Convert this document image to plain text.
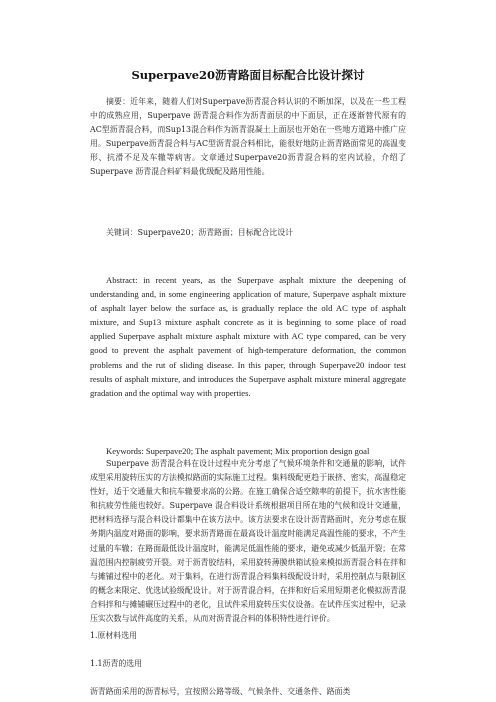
Superpave20沥青路面目标配合比设计探讨

摘要：近年来，随着人们对Superpave沥青混合料认识的不断加深，以及在一些工程中的成熟应用，Superpave 沥青混合料作为沥青面层的中下面层，正在逐渐替代原有的AC型沥青混合料，而Sup13混合料作为沥青混凝土上面层也开始在一些地方道路中推广应用。Superpave沥青混合料与AC型沥青混合料相比，能很好地防止沥青路面常见的高温变形、抗滑不足及车辙等病害。文章通过Superpave20沥青混合料的室内试验，介绍了 Superpave 沥青混合料矿料最优级配及路用性能。

关键词：Superpave20；沥青路面；目标配合比设计

Abstract: in recent years, as the Superpave asphalt mixture the deepening of understanding and, in some engineering application of mature, Superpave asphalt mixture of asphalt layer below the surface as, is gradually replace the old AC type of asphalt mixture, and Sup13 mixture asphalt concrete as it is beginning to some place of road applied Superpave asphalt mixture asphalt mixture with AC type compared, can be very good to prevent the asphalt pavement of high-temperature deformation, the common problems and the rut of sliding disease. In this paper, through Superpave20 indoor test results of asphalt mixture, and introduces the Superpave asphalt mixture mineral aggregate gradation and the optimal way with properties.

Keywords: Superpave20; The asphalt pavement; Mix proportion design goal

Superpave 沥青混合料在设计过程中充分考虑了气候环境条件和交通量的影响，试件成型采用旋转压实的方法模拟路面的实际施工过程。集料级配更趋于嵌挤、密实，高温稳定性好，适于交通量大和抗车辙要求高的公路。在施工确保合适空隙率的前提下，抗水害性能和抗疲劳性能也较好。Superpave 混合料设计系统根据项目所在地的气候和设计交通量，把材料选择与混合料设计都集中在该方法中。该方法要求在设计沥青路面时，充分考虑在服务期内温度对路面的影响，要求沥青路面在最高设计温度时能满足高温性能的要求，不产生过量的车辙；在路面最低设计温度时，能满足低温性能的要求，避免或减少低温开裂；在常温范围内控制疲劳开裂。对于沥青胶结料，采用旋转薄膜烘箱试验来模拟沥青混合料在拌和与摊铺过程中的老化。对于集料，在进行沥青混合料集料级配设计时，采用控制点与限制区的概念来限定、优选试验级配设计。对于沥青混合料，在拌和好后采用短期老化模拟沥青混合料拌和与摊铺碾压过程中的老化，且试件采用旋转压实仪设备。在试件压实过程中，记录压实次数与试件高度的关系，从而对沥青混合料的体积特性进行评价。

1.原材料选用

1.1沥青的选用

沥青路面采用的沥青标号，宜按照公路等级、气候条件、交通条件、路面类
